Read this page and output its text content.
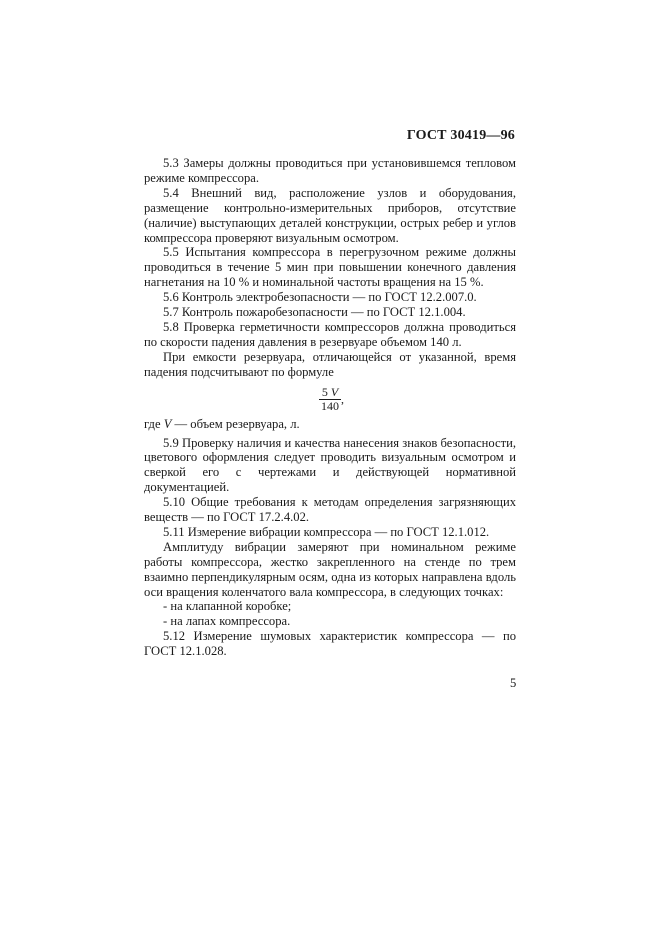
ГОСТ 30419—96

5.3 Замеры должны проводиться при установившемся тепловом режиме компрессора.

5.4 Внешний вид, расположение узлов и оборудования, размещение контрольно-измерительных приборов, отсутствие (наличие) выступающих деталей конструкции, острых ребер и углов компрессора проверяют визуальным осмотром.

5.5 Испытания компрессора в перегрузочном режиме должны проводиться в течение 5 мин при повышении конечного давления нагнетания на 10 % и номинальной частоты вращения на 15 %.

5.6 Контроль электробезопасности — по ГОСТ 12.2.007.0.

5.7 Контроль пожаробезопасности — по ГОСТ 12.1.004.

5.8 Проверка герметичности компрессоров должна проводиться по скорости падения давления в резервуаре объемом 140 л.

При емкости резервуара, отличающейся от указанной, время падения подсчитывают по формуле

$\frac{5 V}{140}$ ,

где V — объем резервуара, л.

5.9 Проверку наличия и качества нанесения знаков безопасности, цветового оформления следует проводить визуальным осмотром и сверкой его с чертежами и действующей нормативной документацией.

5.10 Общие требования к методам определения загрязняющих веществ — по ГОСТ 17.2.4.02.

5.11 Измерение вибрации компрессора — по ГОСТ 12.1.012.

Амплитуду вибрации замеряют при номинальном режиме работы компрессора, жестко закрепленного на стенде по трем взаимно перпендикулярным осям, одна из которых направлена вдоль оси вращения коленчатого вала компрессора, в следующих точках:

- на клапанной коробке;

- на лапах компрессора.

5.12 Измерение шумовых характеристик компрессора — по ГОСТ 12.1.028.

5
